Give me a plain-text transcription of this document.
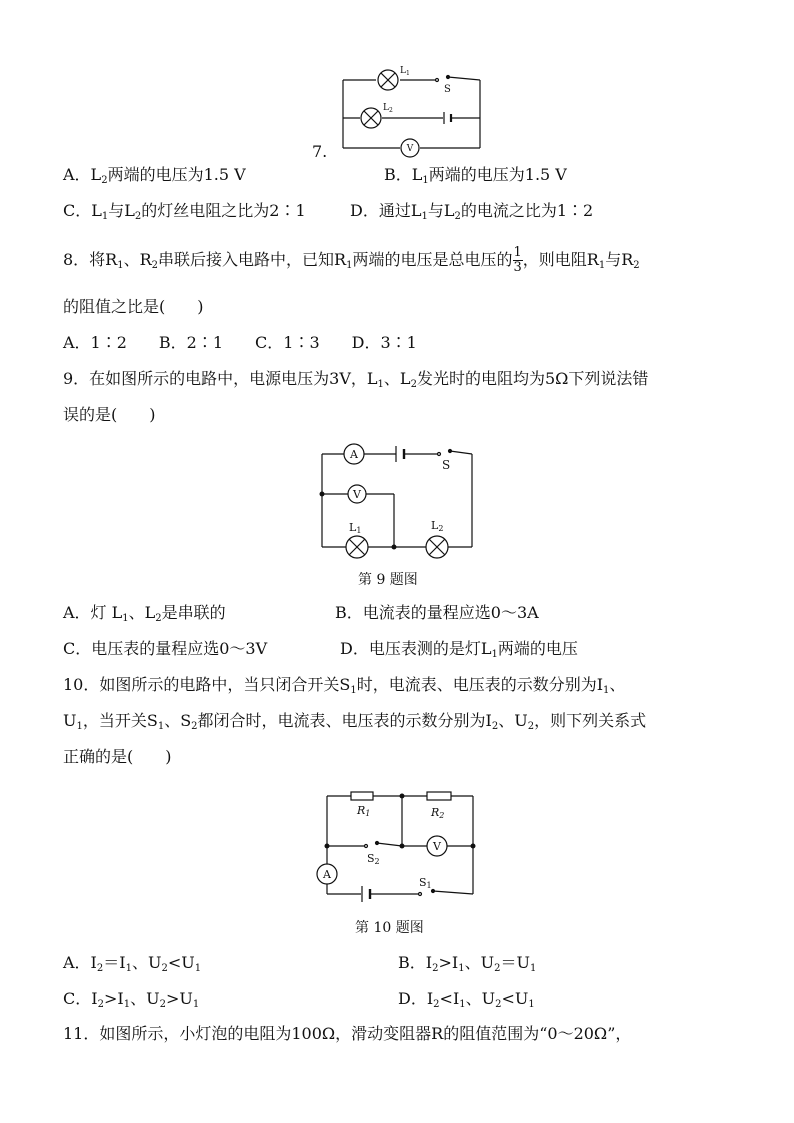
$L_1$
S
$L_2$
V
7.
A．$L_2$两端的电压为1.5 V	B．$L_1$两端的电压为1.5 V
C．$L_1$与$L_2$的灯丝电阻之比为2∶1	D．通过$L_1$与$L_2$的电流之比为1∶2
8．将$R_1$、$R_2$串联后接入电路中，已知$R_1$两端的电压是总电压的 $\frac{1}{3}$ ，则电阻$R_1$与$R_2$
的阻值之比是(　　)
A．1∶2　　B．2∶1　　C．1∶3　　D．3∶1
9．在如图所示的电路中，电源电压为3V，$L_1$、$L_2$发光时的电阻均为5Ω下列说法错
误的是(　　)
A
S
V
L1	L2
第 9 题图
A．灯 $L_1$、$L_2$是串联的	B．电流表的量程应选0～3A
C．电压表的量程应选0～3V	D．电压表测的是灯$L_1$两端的电压
10．如图所示的电路中，当只闭合开关$S_1$时，电流表、电压表的示数分别为$I_1$、
$U_1$，当开关$S_1$、$S_2$都闭合时，电流表、电压表的示数分别为$I_2$、$U_2$，则下列关系式
正确的是(　　)
R1	R2
S2
V
A
S1
第 10 题图
A．$I_2=I_1$、$U_2<U_1$	B．$I_2>I_1$、$U_2=U_1$
C．$I_2>I_1$、$U_2>U_1$	D．$I_2<I_1$、$U_2<U_1$
11．如图所示，小灯泡的电阻为100Ω，滑动变阻器R的阻值范围为“0～20Ω”，
